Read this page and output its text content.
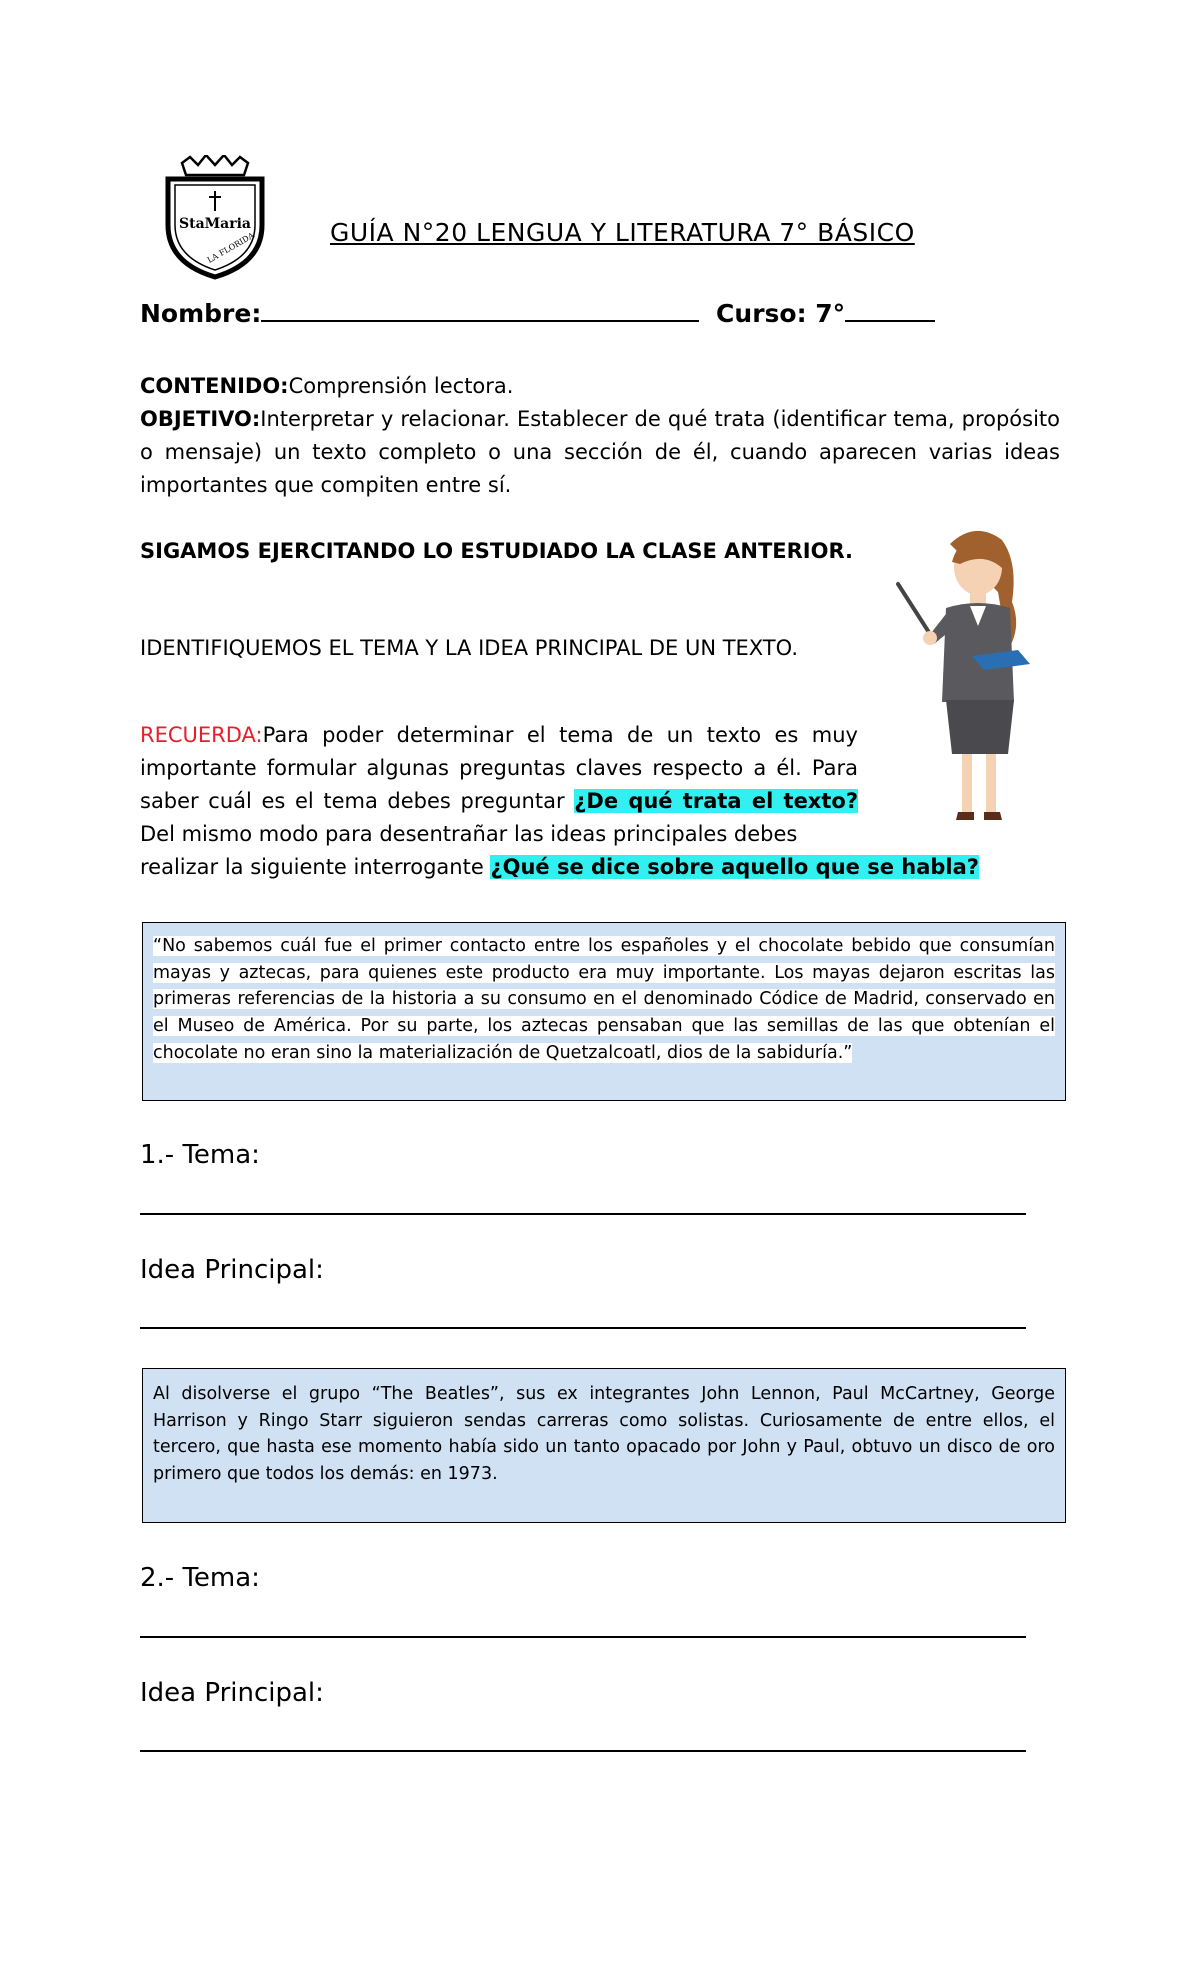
StaMaria
LA FLORIDA	GUÍA N°20 LENGUA Y LITERATURA 7° BÁSICO
Nombre:	Curso: 7°
CONTENIDO:Comprensión lectora.
OBJETIVO:Interpretar y relacionar. Establecer de qué trata (identificar tema, propósito o mensaje) un texto completo o una sección de él, cuando aparecen varias ideas importantes que compiten entre sí.
SIGAMOS EJERCITANDO LO ESTUDIADO LA CLASE ANTERIOR.
IDENTIFIQUEMOS EL TEMA Y LA IDEA PRINCIPAL DE UN TEXTO.
RECUERDA:Para poder determinar el tema de un texto es muy importante formular algunas preguntas claves respecto a él. Para saber cuál es el tema debes preguntar ¿De qué trata el texto? Del mismo modo para desentrañar las ideas principales debes
realizar la siguiente interrogante ¿Qué se dice sobre aquello que se habla?
“No sabemos cuál fue el primer contacto entre los españoles y el chocolate bebido que consumían mayas y aztecas, para quienes este producto era muy importante. Los mayas dejaron escritas las primeras referencias de la historia a su consumo en el denominado Códice de Madrid, conservado en el Museo de América. Por su parte, los aztecas pensaban que las semillas de las que obtenían el chocolate no eran sino la materialización de Quetzalcoatl, dios de la sabiduría.”
1.- Tema:
Idea Principal:
Al disolverse el grupo “The Beatles”, sus ex integrantes John Lennon, Paul McCartney, George Harrison y Ringo Starr siguieron sendas carreras como solistas. Curiosamente de entre ellos, el tercero, que hasta ese momento había sido un tanto opacado por John y Paul, obtuvo un disco de oro primero que todos los demás: en 1973.
2.- Tema:
Idea Principal:
